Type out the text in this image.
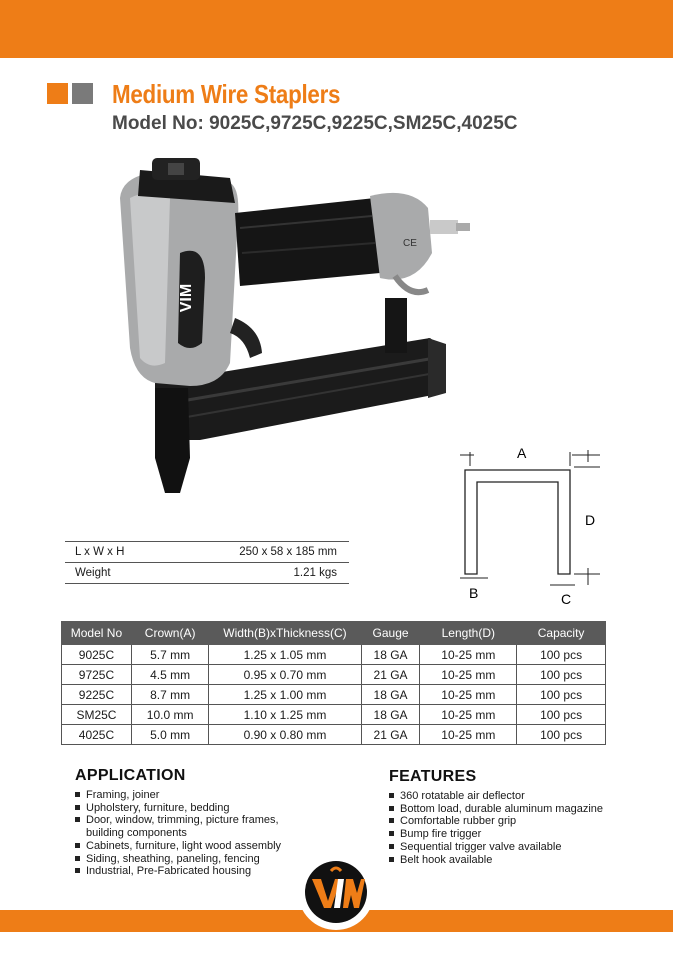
Medium Wire Staplers
Model No: 9025C,9725C,9225C,SM25C,4025C
VIM
CE
A
D
B	C
L x W x H	250 x 58 x 185 mm
Weight	1.21 kgs
Model No	Crown(A)	Width(B)xThickness(C)	Gauge	Length(D)	Capacity
9025C	5.7 mm	1.25 x 1.05 mm	18 GA	10-25 mm	100 pcs
9725C	4.5 mm	0.95 x 0.70 mm	21 GA	10-25 mm	100 pcs
9225C	8.7 mm	1.25 x 1.00 mm	18 GA	10-25 mm	100 pcs
SM25C	10.0 mm	1.10 x 1.25 mm	18 GA	10-25 mm	100 pcs
4025C	5.0 mm	0.90 x 0.80 mm	21 GA	10-25 mm	100 pcs
APPLICATION
Framing, joiner
Upholstery, furniture, bedding
Door, window, trimming, picture frames, building components
Cabinets, furniture, light wood assembly
Siding, sheathing, paneling, fencing
Industrial, Pre-Fabricated housing
FEATURES
360 rotatable air deflector
Bottom load, durable aluminum magazine
Comfortable rubber grip
Bump fire trigger
Sequential trigger valve available
Belt hook available
